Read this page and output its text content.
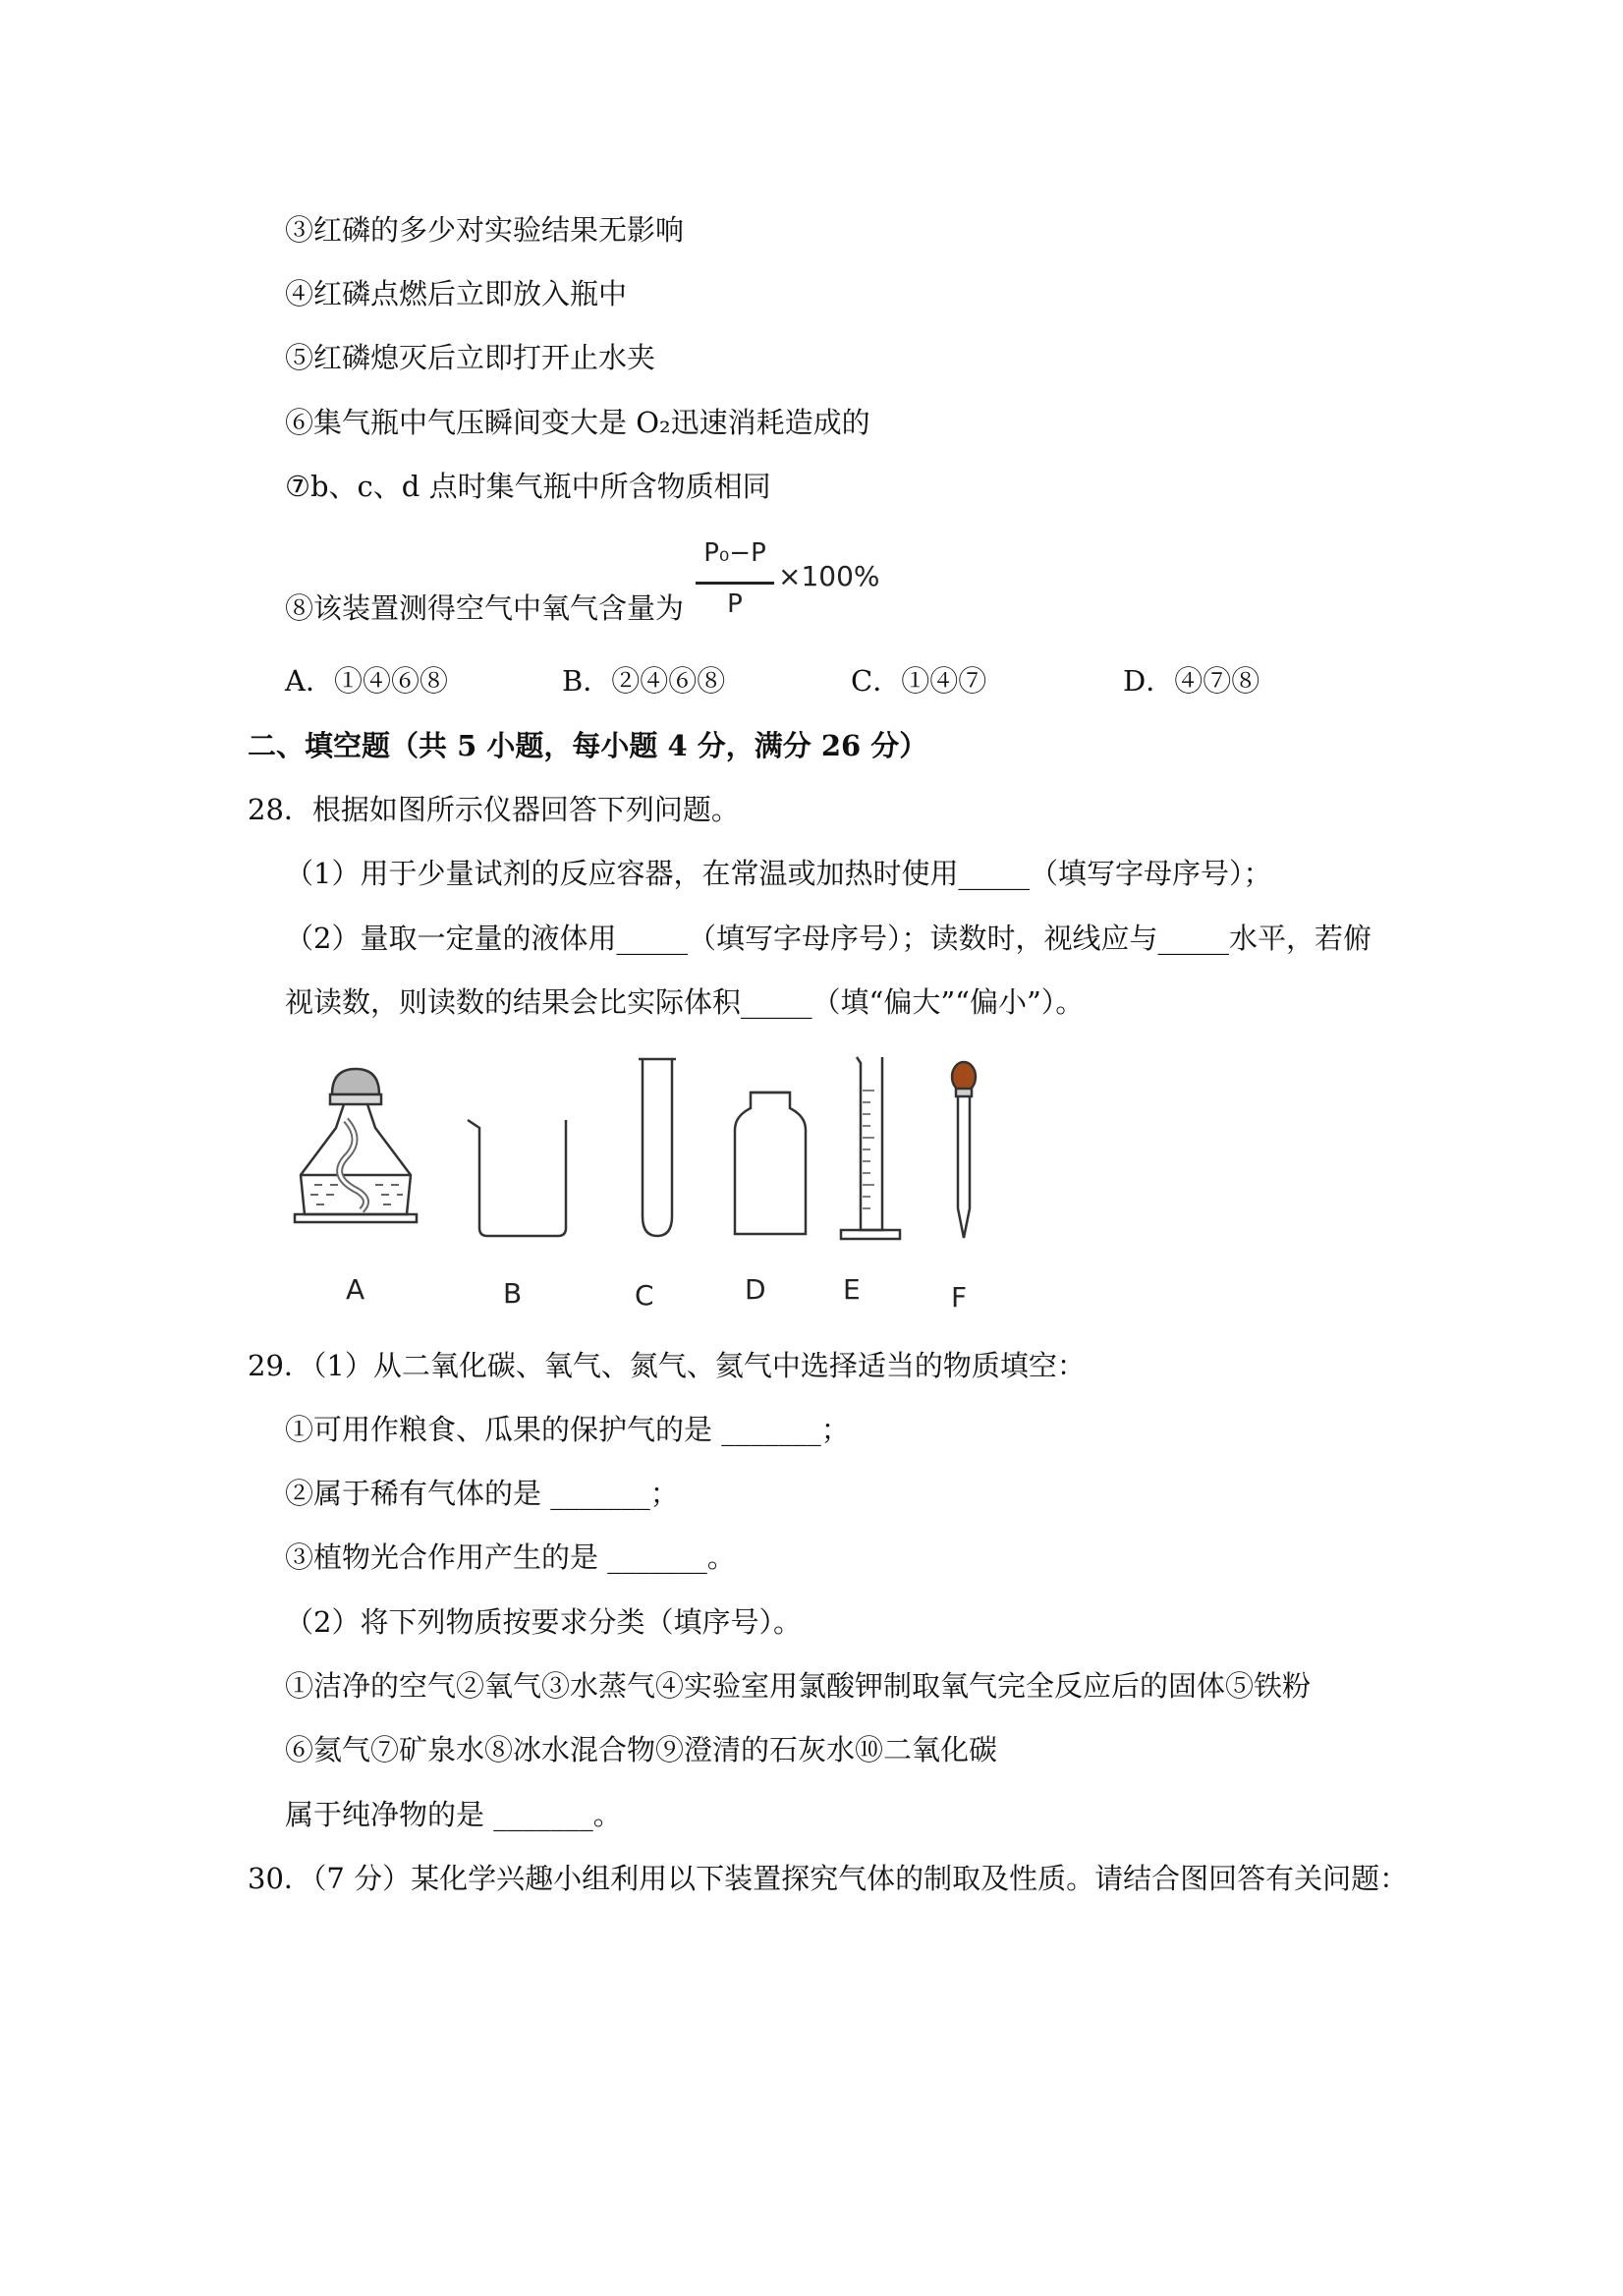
③红磷的多少对实验结果无影响
④红磷点燃后立即放入瓶中
⑤红磷熄灭后立即打开止水夹
⑥集气瓶中气压瞬间变大是 O₂迅速消耗造成的
⑦b、c、d 点时集气瓶中所含物质相同
⑧该装置测得空气中氧气含量为
P₀−P
P
×100%
A．①④⑥⑧	B．②④⑥⑧	C．①④⑦	D．④⑦⑧
二、填空题（共 5 小题，每小题 4 分，满分 26 分）
28．根据如图所示仪器回答下列问题。
（1）用于少量试剂的反应容器，在常温或加热时使用_____（填写字母序号）；
（2）量取一定量的液体用_____（填写字母序号）；读数时，视线应与_____水平，若俯
视读数，则读数的结果会比实际体积_____（填“偏大”“偏小”）。
A	B	C	D	E	F
29．（1）从二氧化碳、氧气、氮气、氦气中选择适当的物质填空：
①可用作粮食、瓜果的保护气的是 _______；
②属于稀有气体的是 _______；
③植物光合作用产生的是 _______。
（2）将下列物质按要求分类（填序号）。
①洁净的空气②氧气③水蒸气④实验室用氯酸钾制取氧气完全反应后的固体⑤铁粉
⑥氦气⑦矿泉水⑧冰水混合物⑨澄清的石灰水⑩二氧化碳
属于纯净物的是 _______。
30．（7 分）某化学兴趣小组利用以下装置探究气体的制取及性质。请结合图回答有关问题：
